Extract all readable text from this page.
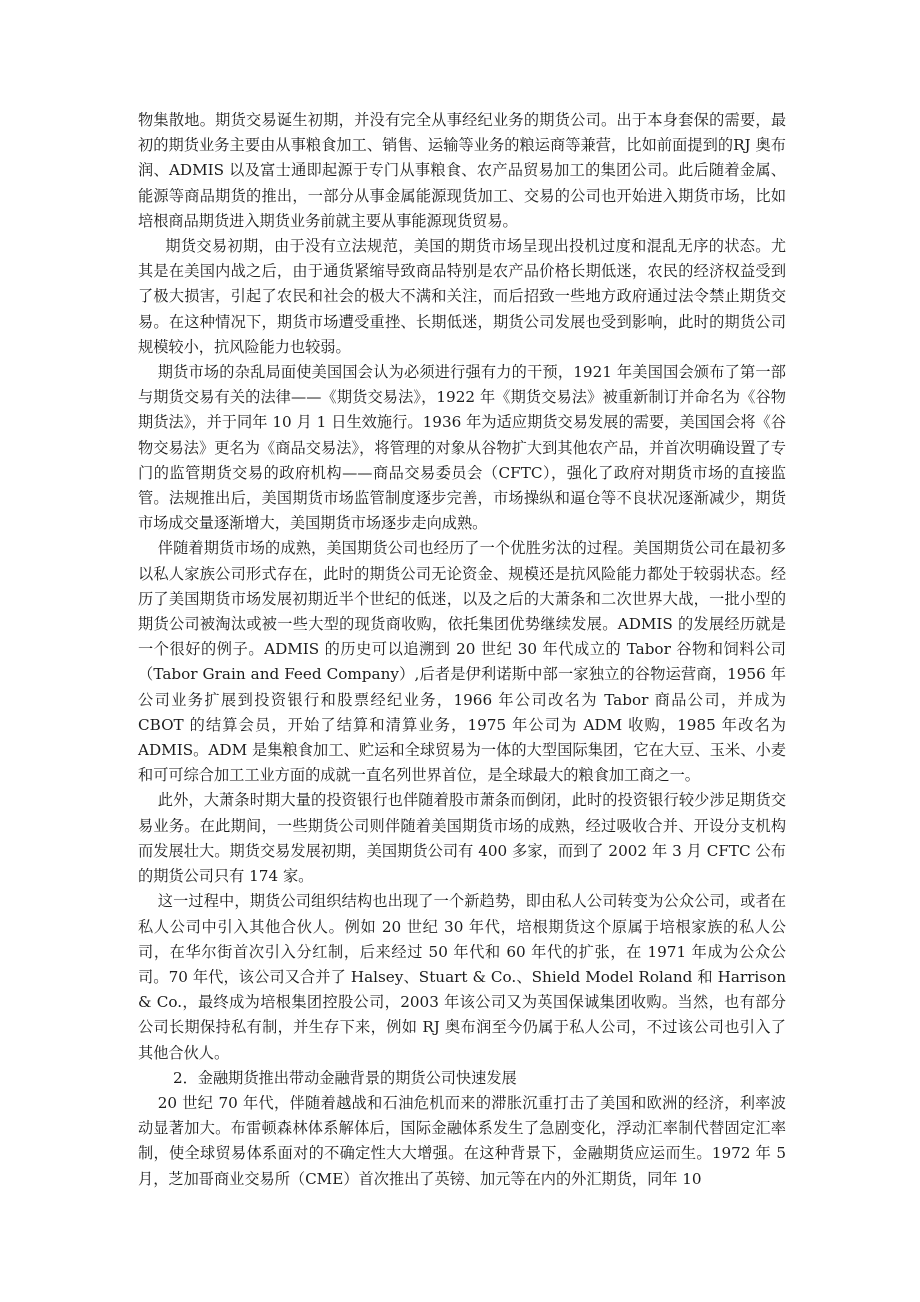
物集散地。期货交易诞生初期，并没有完全从事经纪业务的期货公司。出于本身套保的需要，最初的期货业务主要由从事粮食加工、销售、运输等业务的粮运商等兼营，比如前面提到的RJ 奥布润、ADMIS 以及富士通即起源于专门从事粮食、农产品贸易加工的集团公司。此后随着金属、能源等商品期货的推出，一部分从事金属能源现货加工、交易的公司也开始进入期货市场，比如培根商品期货进入期货业务前就主要从事能源现货贸易。

期货交易初期，由于没有立法规范，美国的期货市场呈现出投机过度和混乱无序的状态。尤其是在美国内战之后，由于通货紧缩导致商品特别是农产品价格长期低迷，农民的经济权益受到了极大损害，引起了农民和社会的极大不满和关注，而后招致一些地方政府通过法令禁止期货交易。在这种情况下，期货市场遭受重挫、长期低迷，期货公司发展也受到影响，此时的期货公司规模较小，抗风险能力也较弱。

期货市场的杂乱局面使美国国会认为必须进行强有力的干预，1921 年美国国会颁布了第一部与期货交易有关的法律——《期货交易法》，1922 年《期货交易法》被重新制订并命名为《谷物期货法》，并于同年 10 月 1 日生效施行。1936 年为适应期货交易发展的需要，美国国会将《谷物交易法》更名为《商品交易法》，将管理的对象从谷物扩大到其他农产品，并首次明确设置了专门的监管期货交易的政府机构——商品交易委员会（CFTC），强化了政府对期货市场的直接监管。法规推出后，美国期货市场监管制度逐步完善，市场操纵和逼仓等不良状况逐渐减少，期货市场成交量逐渐增大，美国期货市场逐步走向成熟。

伴随着期货市场的成熟，美国期货公司也经历了一个优胜劣汰的过程。美国期货公司在最初多以私人家族公司形式存在，此时的期货公司无论资金、规模还是抗风险能力都处于较弱状态。经历了美国期货市场发展初期近半个世纪的低迷，以及之后的大萧条和二次世界大战，一批小型的期货公司被淘汰或被一些大型的现货商收购，依托集团优势继续发展。ADMIS 的发展经历就是一个很好的例子。ADMIS 的历史可以追溯到 20 世纪 30 年代成立的 Tabor 谷物和饲料公司（Tabor Grain and Feed Company）,后者是伊利诺斯中部一家独立的谷物运营商，1956 年公司业务扩展到投资银行和股票经纪业务，1966 年公司改名为 Tabor 商品公司，并成为 CBOT 的结算会员，开始了结算和清算业务，1975 年公司为 ADM 收购，1985 年改名为 ADMIS。ADM 是集粮食加工、贮运和全球贸易为一体的大型国际集团，它在大豆、玉米、小麦和可可综合加工工业方面的成就一直名列世界首位，是全球最大的粮食加工商之一。

此外，大萧条时期大量的投资银行也伴随着股市萧条而倒闭，此时的投资银行较少涉足期货交易业务。在此期间，一些期货公司则伴随着美国期货市场的成熟，经过吸收合并、开设分支机构而发展壮大。期货交易发展初期，美国期货公司有 400 多家，而到了 2002 年 3 月 CFTC 公布的期货公司只有 174 家。

这一过程中，期货公司组织结构也出现了一个新趋势，即由私人公司转变为公众公司，或者在私人公司中引入其他合伙人。例如 20 世纪 30 年代，培根期货这个原属于培根家族的私人公司，在华尔街首次引入分红制，后来经过 50 年代和 60 年代的扩张，在 1971 年成为公众公司。70 年代，该公司又合并了 Halsey、Stuart & Co.、Shield Model Roland 和 Harrison & Co.，最终成为培根集团控股公司，2003 年该公司又为英国保诚集团收购。当然，也有部分公司长期保持私有制，并生存下来，例如 RJ 奥布润至今仍属于私人公司，不过该公司也引入了其他合伙人。

2．金融期货推出带动金融背景的期货公司快速发展

20 世纪 70 年代，伴随着越战和石油危机而来的滞胀沉重打击了美国和欧洲的经济，利率波动显著加大。布雷顿森林体系解体后，国际金融体系发生了急剧变化，浮动汇率制代替固定汇率制，使全球贸易体系面对的不确定性大大增强。在这种背景下，金融期货应运而生。1972 年 5 月，芝加哥商业交易所（CME）首次推出了英镑、加元等在内的外汇期货，同年 10
